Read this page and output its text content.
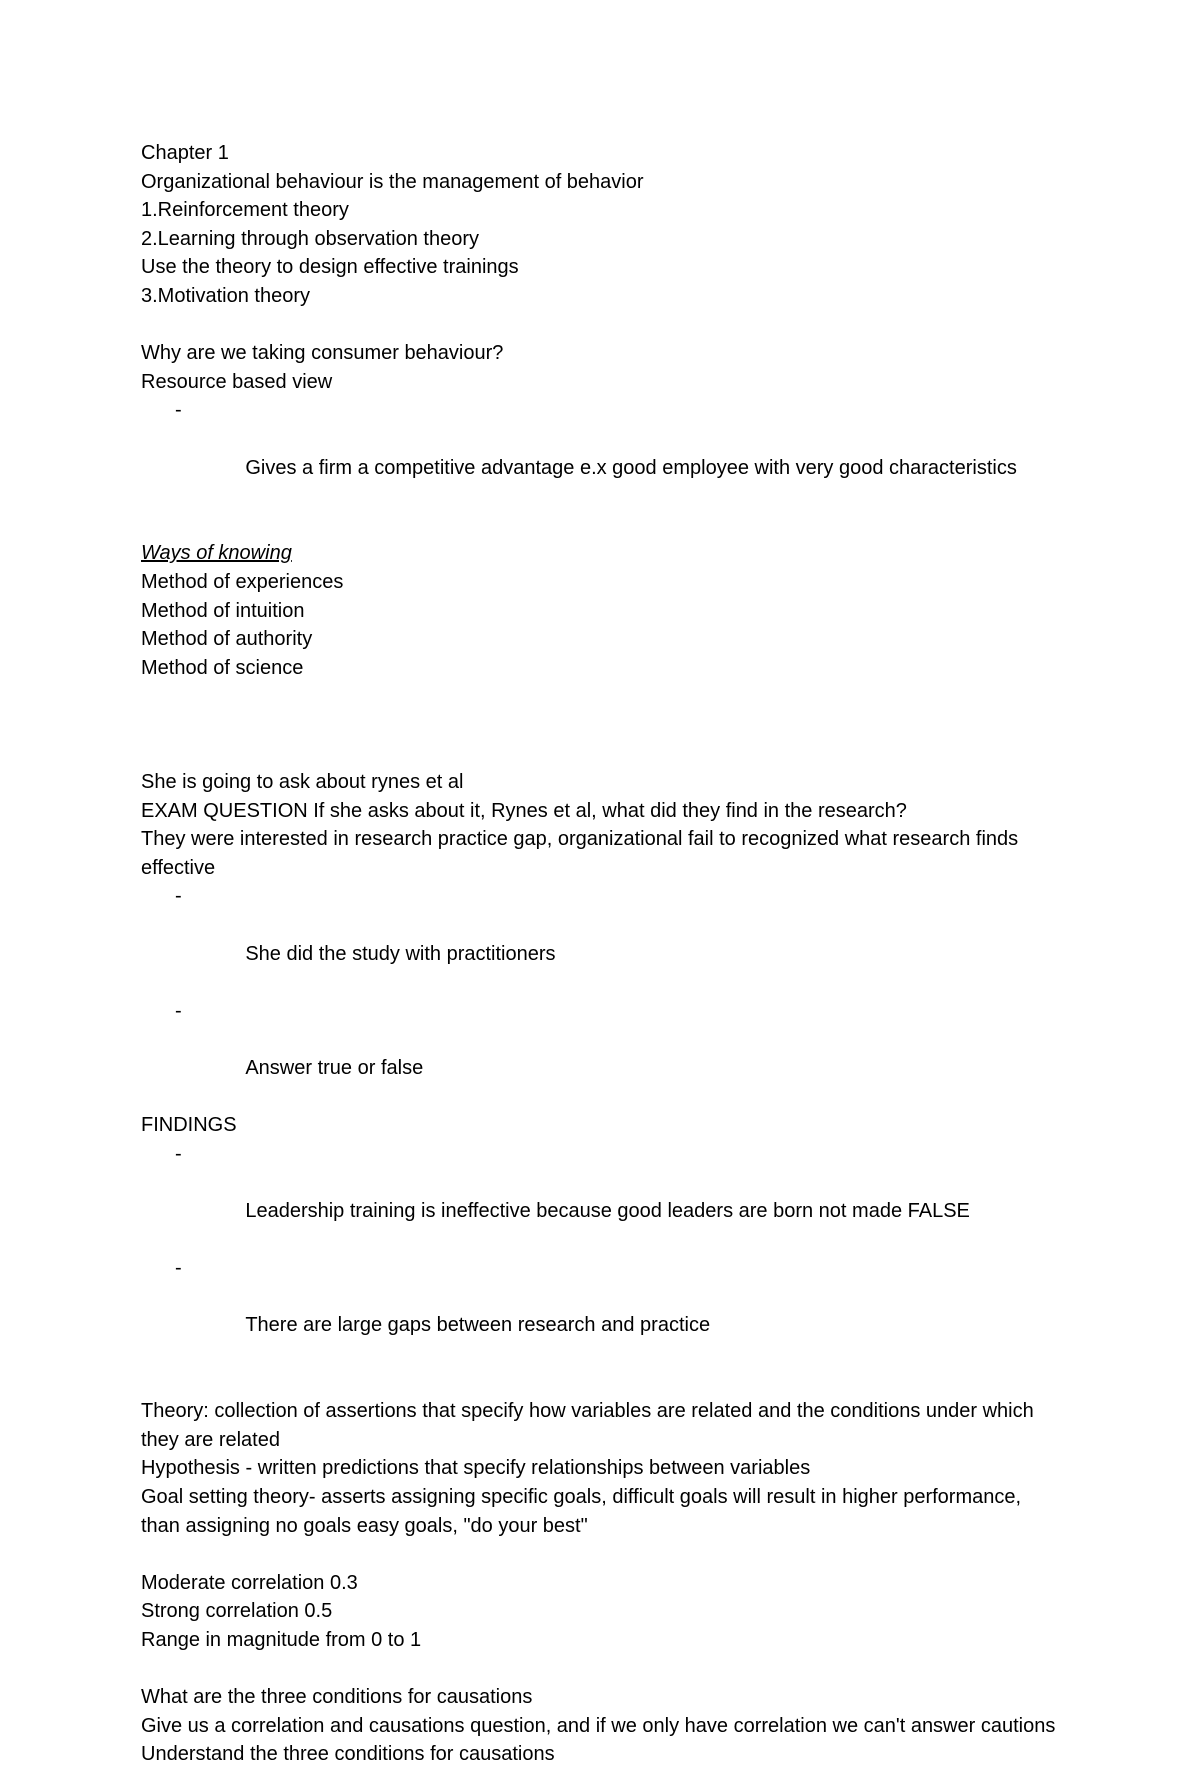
Chapter 1
Organizational behaviour is the management of behavior
1.Reinforcement theory
2.Learning through observation theory
Use the theory to design effective trainings
3.Motivation theory
Why are we taking consumer behaviour?
Resource based view

-

Gives a firm a competitive advantage e.x good employee with very good characteristics

Ways of knowing
Method of experiences
Method of intuition
Method of authority
Method of science
She is going to ask about rynes et al
EXAM QUESTION If she asks about it, Rynes et al, what did they find in the research?
They were interested in research practice gap, organizational fail to recognized what research finds effective

-

She did the study with practitioners

-

Answer true or false

FINDINGS

-

Leadership training is ineffective because good leaders are born not made FALSE

-

There are large gaps between research and practice

Theory: collection of assertions that specify how variables are related and the conditions under which they are related
Hypothesis - written predictions that specify relationships between variables
Goal setting theory- asserts assigning specific goals, difficult goals will result in higher performance, than assigning no goals easy goals, "do your best"
Moderate correlation 0.3
Strong correlation 0.5
Range in magnitude from 0 to 1
What are the three conditions for causations
Give us a correlation and causations question, and if we only have correlation we can't answer cautions
Understand the three conditions for causations
